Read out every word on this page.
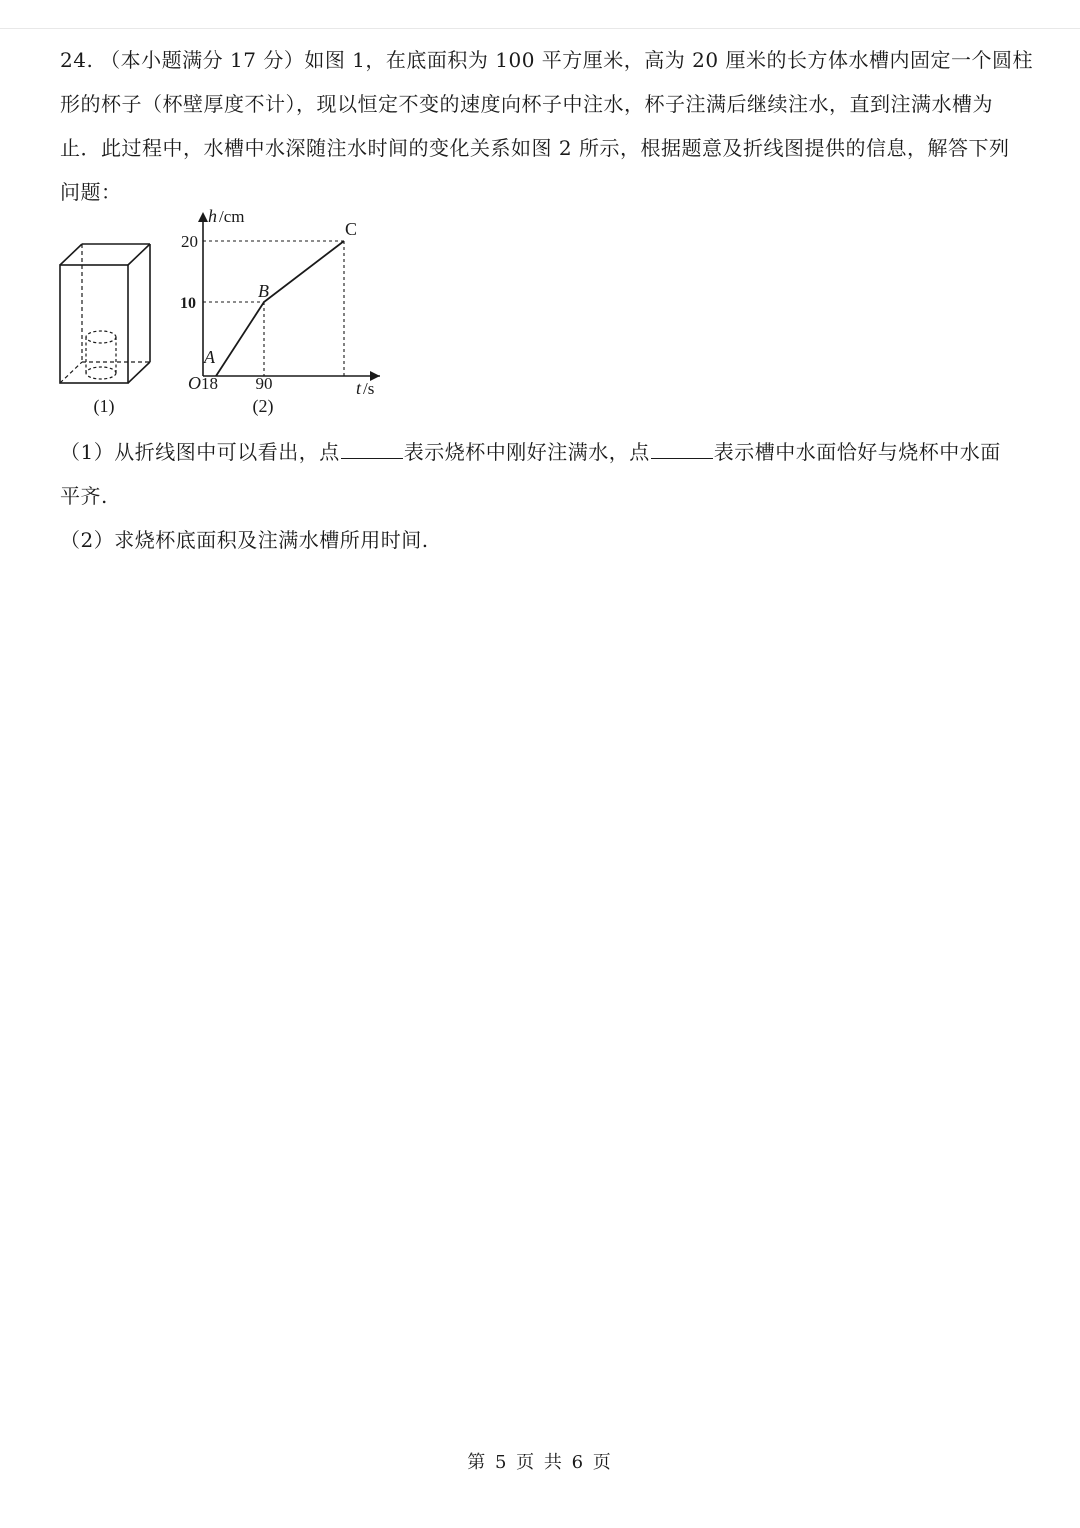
24. （本小题满分 17 分）如图 1，在底面积为 100 平方厘米，高为 20 厘米的长方体水槽内固定一个圆柱

形的杯子（杯壁厚度不计），现以恒定不变的速度向杯子中注水，杯子注满后继续注水，直到注满水槽为

止．此过程中，水槽中水深随注水时间的变化关系如图 2 所示，根据题意及折线图提供的信息，解答下列

问题：

(1)
h /cm
t /s
O 18 90
20
10
A
B
C
(2)

（1）从折线图中可以看出，点	表示烧杯中刚好注满水，点	表示槽中水面恰好与烧杯中水面

平齐.

（2）求烧杯底面积及注满水槽所用时间.

第 5 页 共 6 页
